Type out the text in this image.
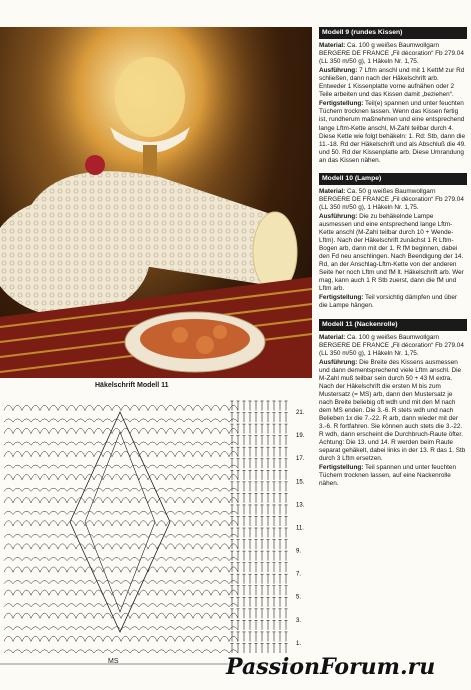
Häkelschrift Modell 11
21.
19.
17.
15.
13.
11.
9.
7.
5.
3.
1.
MS
Modell 9 (rundes Kissen)
Material: Ca. 100 g weißes Baumwollgarn BERGERE DE FRANCE „Fil décoration“ Fb 279.04 (LL 350 m/50 g), 1 Häkeln Nr. 1,75.
Ausführung: 7 Lftm anschl und mit 1 KettM zur Rd schließen, dann nach der Häkelschrift arb. Entweder 1 Kissenplatte vorne aufnähen oder 2 Teile arbeiten und das Kissen damit „beziehen“.
Fertigstellung: Teil(e) spannen und unter feuchten Tüchern trocknen lassen. Wenn das Kissen fertig ist, rundherum maßnehmen und eine entsprechend lange Lftm-Kette anschl, M-Zahl teilbar durch 4. Diese Kette wie folgt behäkeln: 1. Rd: Stb, dann die 11.-18. Rd der Häkelschrift und als Abschluß die 49. und 50. Rd der Kissenplatte arb. Diese Umrandung an das Kissen nähen.
Modell 10 (Lampe)
Material: Ca. 50 g weißes Baumwollgarn BERGERE DE FRANCE „Fil décoration“ Fb 279.04 (LL 350 m/50 g), 1 Häkeln Nr. 1,75.
Ausführung: Die zu behäkelnde Lampe ausmessen und eine entsprechend lange Lftm-Kette anschl (M-Zahl teilbar durch 10 + Wende-Lftm). Nach der Häkelschrift zunächst 1 R Lftm-Bogen arb, dann mit der 1. R fM beginnen, dabei den Fd neu anschlingen. Nach Beendigung der 14. Rd, an der Anschlag-Lftm-Kette von der anderen Seite her noch Lftm und fM lt. Häkelschrift arb. Wer mag, kann auch 1 R Stb zuerst, dann die fM und Lftm arb.
Fertigstellung: Teil vorsichtig dämpfen und über die Lampe hängen.
Modell 11 (Nackenrolle)
Material: Ca. 100 g weißes Baumwollgarn BERGERE DE FRANCE „Fil décoration“ Fb 279.04 (LL 350 m/50 g), 1 Häkeln Nr. 1,75.
Ausführung: Die Breite des Kissens ausmessen und dann dementsprechend viele Lftm anschl. Die M-Zahl muß teilbar sein durch 50 + 43 M extra. Nach der Häkelschrift die ersten M bis zum Mustersatz (= MS) arb, dann den Mustersatz je nach Breite beliebig oft wdh und mit den M nach dem MS enden. Die 3.-6. R stets wdh und nach Belieben 1x die 7.-22. R arb, dann wieder mit der 3.-6. R fortfahren. Sie können auch stets die 3.-22. R wdh, dann erscheint die Durchbruch-Raute öfter. Achtung: Die 13. und 14. R werden beim Raute separat gehäkelt, dabei links in der 13. R das 1. Stb durch 3 Lftm ersetzen.
Fertigstellung: Teil spannen und unter feuchten Tüchern trocknen lassen, auf eine Nackenrolle nähen.
PassionForum.ru
